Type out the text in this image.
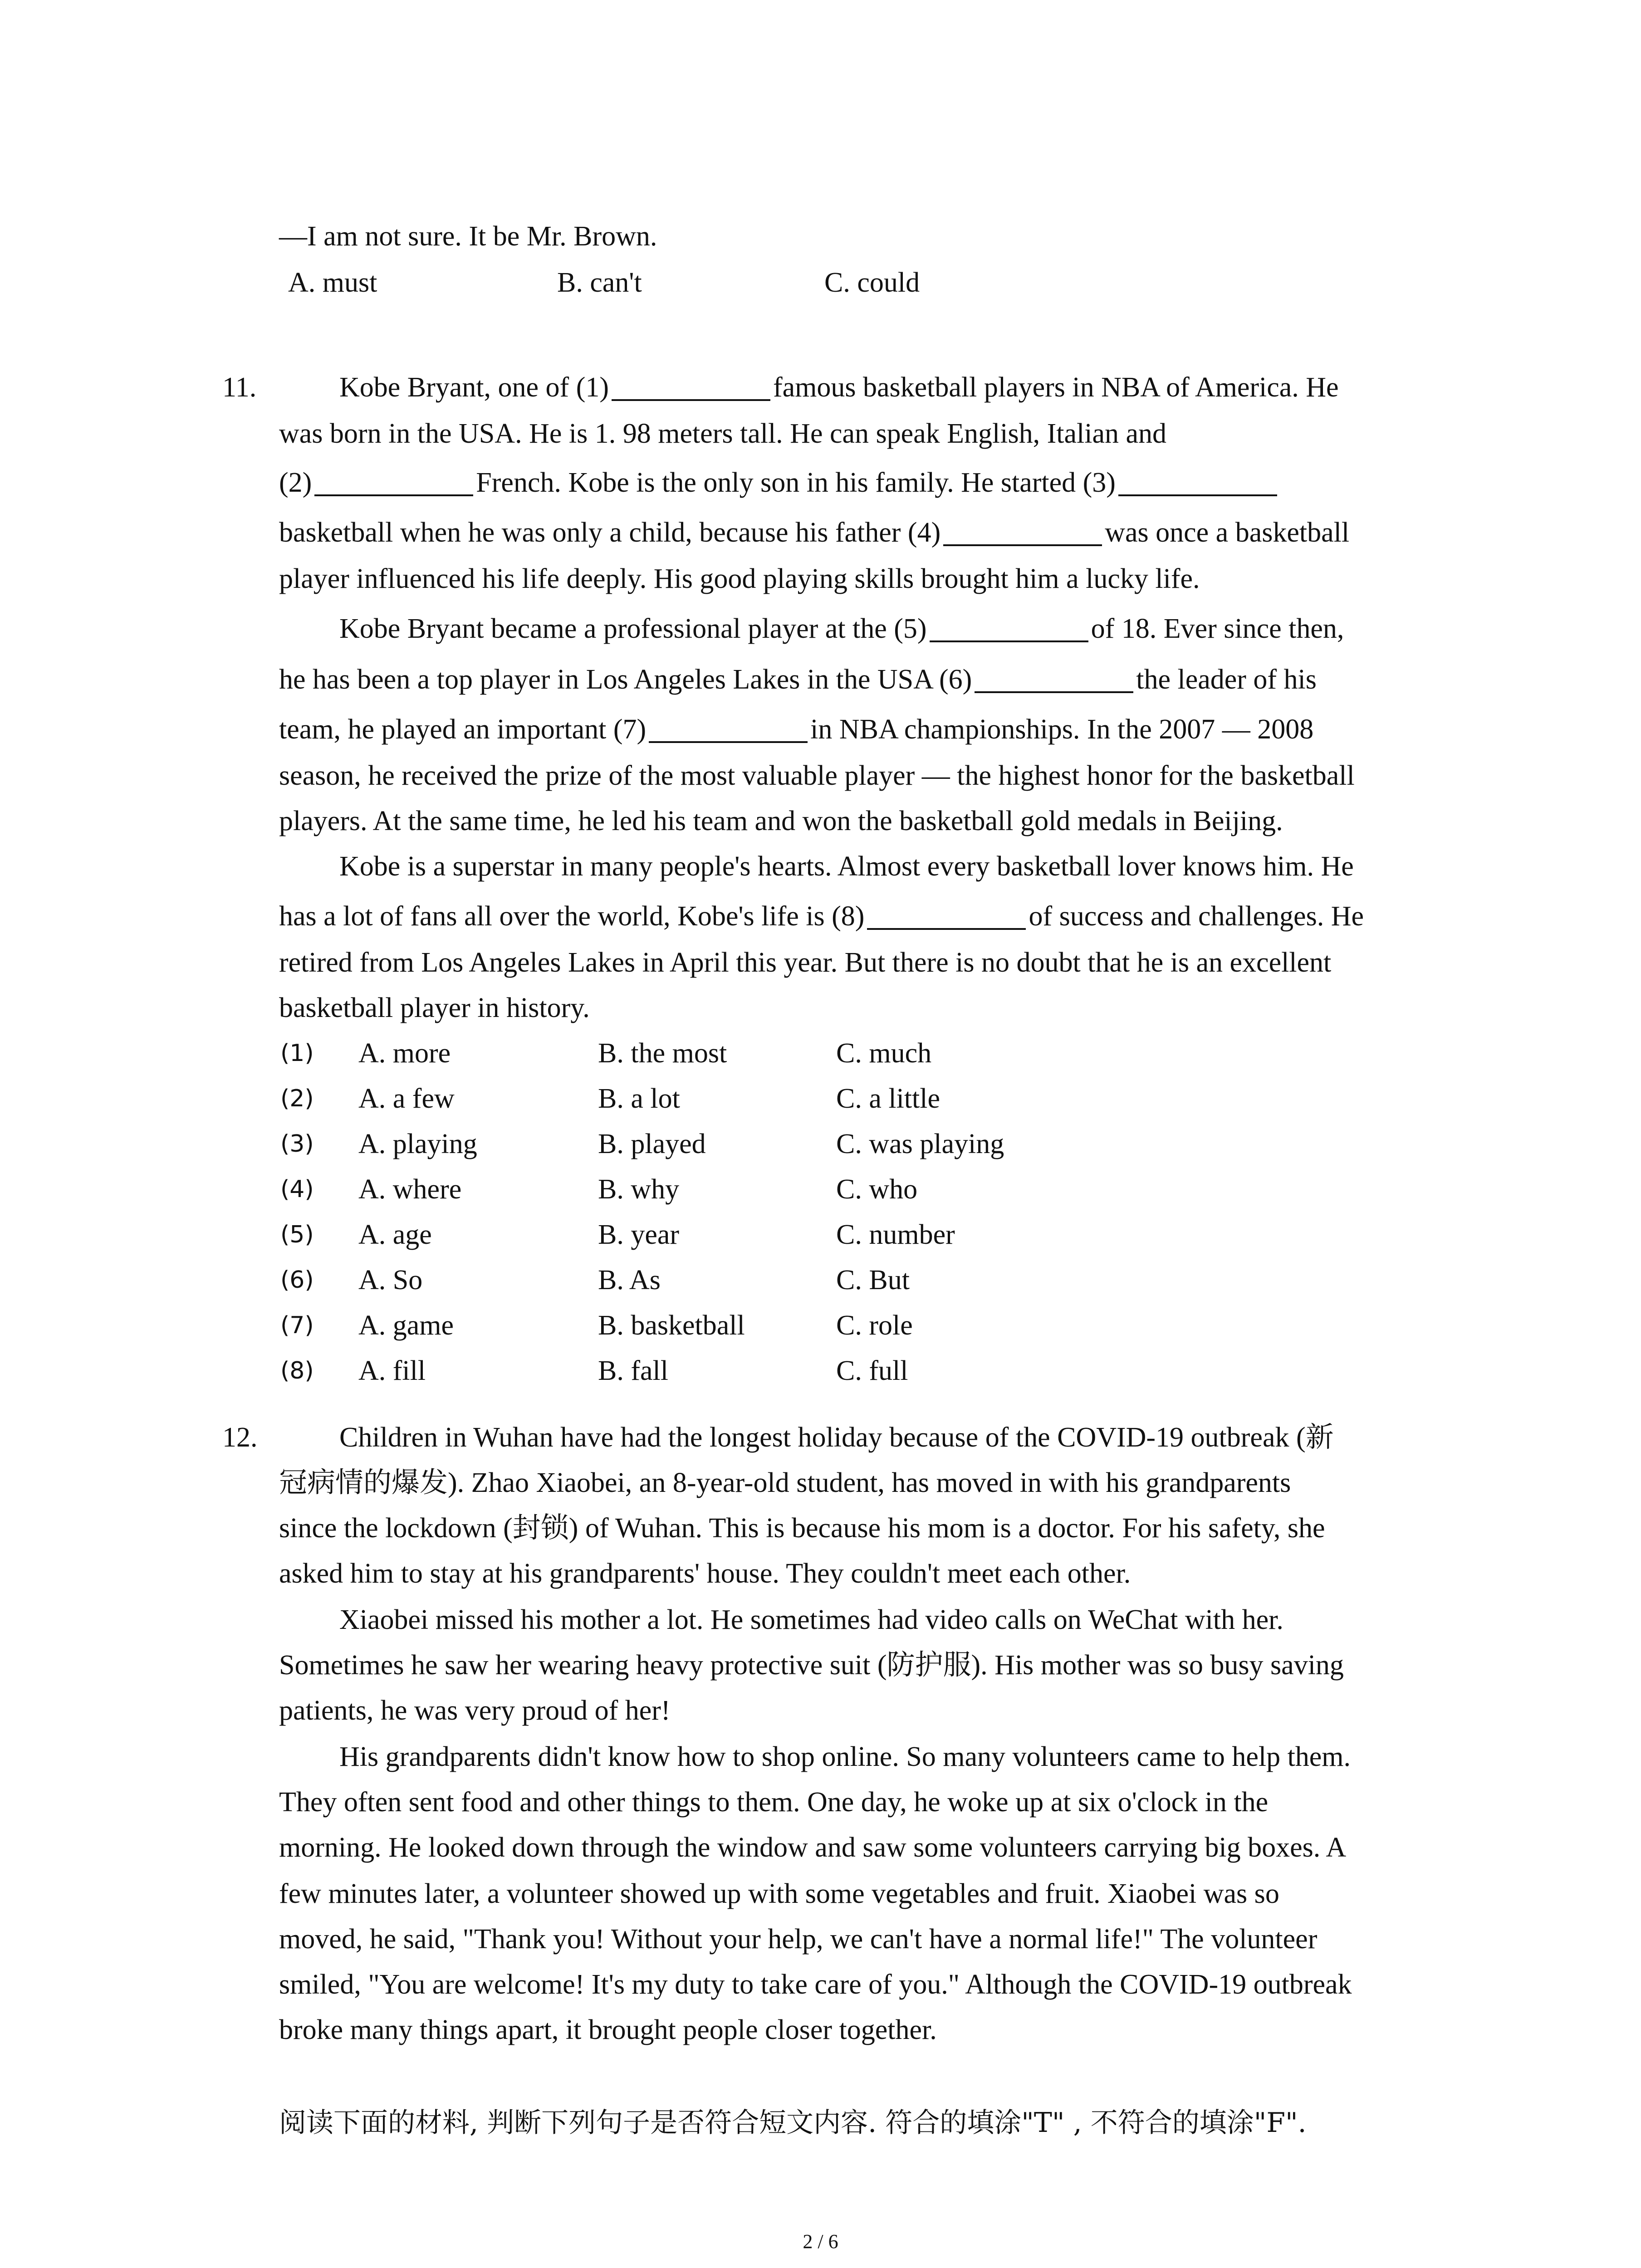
—I am not sure. It be Mr. Brown.
A. must	B. can't	C. could
11.	Kobe Bryant, one of (1)	famous basketball players in NBA of America. He
was born in the USA. He is 1. 98 meters tall. He can speak English, Italian and
(2)	French. Kobe is the only son in his family. He started (3)
basketball when he was only a child, because his father (4)	was once a basketball
player influenced his life deeply. His good playing skills brought him a lucky life.
Kobe Bryant became a professional player at the (5)	of 18. Ever since then,
he has been a top player in Los Angeles Lakes in the USA (6)	the leader of his
team, he played an important (7)	in NBA championships. In the 2007 — 2008
season, he received the prize of the most valuable player — the highest honor for the basketball
players. At the same time, he led his team and won the basketball gold medals in Beijing.
Kobe is a superstar in many people's hearts. Almost every basketball lover knows him. He
has a lot of fans all over the world, Kobe's life is (8)	of success and challenges. He
retired from Los Angeles Lakes in April this year. But there is no doubt that he is an excellent
basketball player in history.
(1) A. more	B. the most	C. much
(2) A. a few	B. a lot	C. a little
(3) A. playing	B. played	C. was playing
(4) A. where	B. why	C. who
(5) A. age	B. year	C. number
(6) A. So	B. As	C. But
(7) A. game	B. basketball	C. role
(8) A. fill	B. fall	C. full
12.	Children in Wuhan have had the longest holiday because of the COVID-19 outbreak (新
冠病情的爆发). Zhao Xiaobei, an 8-year-old student, has moved in with his grandparents
since the lockdown (封锁) of Wuhan. This is because his mom is a doctor. For his safety, she
asked him to stay at his grandparents' house. They couldn't meet each other.
Xiaobei missed his mother a lot. He sometimes had video calls on WeChat with her.
Sometimes he saw her wearing heavy protective suit (防护服). His mother was so busy saving
patients, he was very proud of her!
His grandparents didn't know how to shop online. So many volunteers came to help them.
They often sent food and other things to them. One day, he woke up at six o'clock in the
morning. He looked down through the window and saw some volunteers carrying big boxes. A
few minutes later, a volunteer showed up with some vegetables and fruit. Xiaobei was so
moved, he said, "Thank you! Without your help, we can't have a normal life!" The volunteer
smiled, "You are welcome! It's my duty to take care of you." Although the COVID-19 outbreak
broke many things apart, it brought people closer together.
阅读下面的材料, 判断下列句子是否符合短文内容. 符合的填涂"T" , 不符合的填涂"F".
2 / 6
